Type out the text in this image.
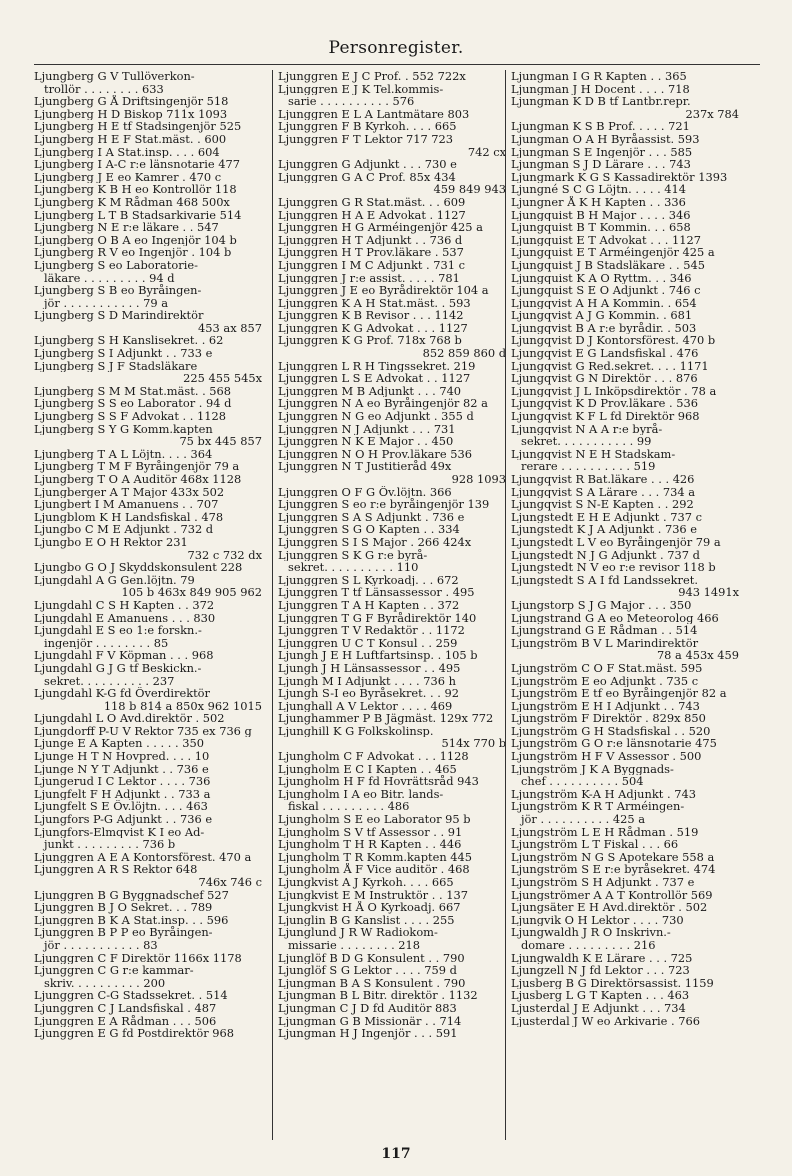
Personregister.
Ljungberg G V Tullöverkon-
trollör . . . . . . . . 633
Ljungberg G Å Driftsingenjör 518
Ljungberg H D Biskop 711x 1093
Ljungberg H E tf Stadsingenjör 525
Ljungberg H E F Stat.mäst. . 600
Ljungberg I A Stat.insp. . . . 604
Ljungberg I A-C r:e länsnotarie 477
Ljungberg J E eo Kamrer . 470 c
Ljungberg K B H eo Kontrollör 118
Ljungberg K M Rådman 468 500x
Ljungberg L T B Stadsarkivarie 514
Ljungberg N E r:e läkare . . 547
Ljungberg O B A eo Ingenjör 104 b
Ljungberg R V eo Ingenjör . 104 b
Ljungberg S eo Laboratorie-
läkare . . . . . . . . . 94 d
Ljungberg S B eo Byråingen-
jör . . . . . . . . . . . 79 a
Ljungberg S D Marindirektör
453 ax 857
Ljungberg S H Kanslisekret. . 62
Ljungberg S I Adjunkt . . 733 e
Ljungberg S J F Stadsläkare
225 455 545x
Ljungberg S M M Stat.mäst. . 568
Ljungberg S S eo Laborator . 94 d
Ljungberg S S F Advokat . . 1128
Ljungberg S Y G Komm.kapten
75 bx 445 857
Ljungberg T A L Löjtn. . . . 364
Ljungberg T M F Byråingenjör 79 a
Ljungberg T O A Auditör 468x 1128
Ljungberger A T Major 433x 502
Ljungbert I M Amanuens . . 707
Ljungblom K H Landsfiskal . 478
Ljungbo C M E Adjunkt . 732 d
Ljungbo E O H Rektor 231
732 c 732 dx
Ljungbo G O J Skyddskonsulent 228
Ljungdahl A G Gen.löjtn. 79
105 b 463x 849 905 962
Ljungdahl C S H Kapten . . 372
Ljungdahl E Amanuens . . . 830
Ljungdahl E S eo 1:e forskn.-
ingenjör . . . . . . . . 85
Ljungdahl F V Köpman . . . 968
Ljungdahl G J G tf Beskickn.-
sekret. . . . . . . . . . 237
Ljungdahl K-G fd Överdirektör
118 b 814 a 850x 962 1015
Ljungdahl L O Avd.direktör . 502
Ljungdorff P-U V Rektor 735 ex 736 g
Ljunge E A Kapten . . . . . 350
Ljunge H T N Hovpred. . . . 10
Ljunge N Y T Adjunkt . . 736 e
Ljungerud I C Lektor . . . . 736
Ljungfelt F H Adjunkt . . 733 a
Ljungfelt S E Öv.löjtn. . . . 463
Ljungfors P-G Adjunkt . . 736 e
Ljungfors-Elmqvist K I eo Ad-
junkt . . . . . . . . . 736 b
Ljunggren A E A Kontorsförest. 470 a
Ljunggren A R S Rektor 648
746x 746 c
Ljunggren B G Byggnadschef 527
Ljunggren B J O Sekret. . . 789
Ljunggren B K A Stat.insp. . . 596
Ljunggren B P P eo Byråingen-
jör . . . . . . . . . . . 83
Ljunggren C F Direktör 1166x 1178
Ljunggren C G r:e kammar-
skriv. . . . . . . . . . 200
Ljunggren C-G Stadssekret. . 514
Ljunggren C J Landsfiskal . 487
Ljunggren E A Rådman . . . 506
Ljunggren E G fd Postdirektör 968
Ljunggren E J C Prof. . 552 722x
Ljunggren E J K Tel.kommis-
sarie . . . . . . . . . . 576
Ljunggren E L A Lantmätare 803
Ljunggren F B Kyrkoh. . . . 665
Ljunggren F T Lektor 717 723
742 cx
Ljunggren G Adjunkt . . . 730 e
Ljunggren G A C Prof. 85x 434
459 849 943
Ljunggren G R Stat.mäst. . . 609
Ljunggren H A E Advokat . 1127
Ljunggren H G Arméingenjör 425 a
Ljunggren H T Adjunkt . . 736 d
Ljunggren H T Prov.läkare . 537
Ljunggren I M C Adjunkt . 731 c
Ljunggren J r:e assist. . . . . 781
Ljunggren J E eo Byrådirektör 104 a
Ljunggren K A H Stat.mäst. . 593
Ljunggren K B Revisor . . . 1142
Ljunggren K G Advokat . . . 1127
Ljunggren K G Prof. 718x 768 b
852 859 860 d
Ljunggren L R H Tingssekret. 219
Ljunggren L S E Advokat . . 1127
Ljunggren M B Adjunkt . . . 740
Ljunggren N A eo Byråingenjör 82 a
Ljunggren N G eo Adjunkt . 355 d
Ljunggren N J Adjunkt . . . 731
Ljunggren N K E Major . . 450
Ljunggren N O H Prov.läkare 536
Ljunggren N T Justitieråd 49x
928 1093
Ljunggren O F G Öv.löjtn. 366
Ljunggren S eo r:e byråingenjör 139
Ljunggren S A S Adjunkt . 736 e
Ljunggren S G O Kapten . . 334
Ljunggren S I S Major . 266 424x
Ljunggren S K G r:e byrå-
sekret. . . . . . . . . . 110
Ljunggren S L Kyrkoadj. . . 672
Ljunggren T tf Länsassessor . 495
Ljunggren T A H Kapten . . 372
Ljunggren T G F Byrådirektör 140
Ljunggren T V Redaktör . . 1172
Ljunggren U C T Konsul . . 259
Ljungh J E H Luftfartsinsp. . 105 b
Ljungh J H Länsassessor . . 495
Ljungh M I Adjunkt . . . . 736 h
Ljungh S-I eo Byråsekret. . . 92
Ljunghall A V Lektor . . . . 469
Ljunghammer P B Jägmäst. 129x 772
Ljunghill K G Folkskolinsp.
514x 770 b
Ljungholm C F Advokat . . . 1128
Ljungholm E C I Kapten . . 465
Ljungholm H F fd Hovrättsråd 943
Ljungholm I A eo Bitr. lands-
fiskal . . . . . . . . . 486
Ljungholm S E eo Laborator 95 b
Ljungholm S V tf Assessor . . 91
Ljungholm T H R Kapten . . 446
Ljungholm T R Komm.kapten 445
Ljungholm Å F Vice auditör . 468
Ljungkvist A J Kyrkoh. . . . 665
Ljungkvist E M Instruktör . . 137
Ljungkvist H Å O Kyrkoadj. 667
Ljunglin B G Kanslist . . . . 255
Ljunglund J R W Radiokom-
missarie . . . . . . . . 218
Ljunglöf B D G Konsulent . . 790
Ljunglöf S G Lektor . . . . 759 d
Ljungman B A S Konsulent . 790
Ljungman B L Bitr. direktör . 1132
Ljungman C J D fd Auditör 883
Ljungman G B Missionär . . 714
Ljungman H J Ingenjör . . . 591
Ljungman I G R Kapten . . 365
Ljungman J H Docent . . . . 718
Ljungman K D B tf Lantbr.repr.
237x 784
Ljungman K S B Prof. . . . . 721
Ljungman O A H Byråassist. 593
Ljungman S E Ingenjör . . . 585
Ljungman S J D Lärare . . . 743
Ljungmark K G S Kassadirektör 1393
Ljungné S C G Löjtn. . . . . 414
Ljungner Å K H Kapten . . 336
Ljungquist B H Major . . . . 346
Ljungquist B T Kommin. . . 658
Ljungquist E T Advokat . . . 1127
Ljungquist E T Arméingenjör 425 a
Ljungquist J B Stadsläkare . . 545
Ljungquist K A O Ryttm. . . 346
Ljungquist S E O Adjunkt . 746 c
Ljungqvist A H A Kommin. . 654
Ljungqvist A J G Kommin. . 681
Ljungqvist B A r:e byrådir. . 503
Ljungqvist D J Kontorsförest. 470 b
Ljungqvist E G Landsfiskal . 476
Ljungqvist G Red.sekret. . . . 1171
Ljungqvist G N Direktör . . . 876
Ljungqvist J L Inköpsdirektör . 78 a
Ljungqvist K D Prov.läkare . 536
Ljungqvist K F L fd Direktör 968
Ljungqvist N A A r:e byrå-
sekret. . . . . . . . . . . 99
Ljungqvist N E H Stadskam-
rerare . . . . . . . . . . 519
Ljungqvist R Bat.läkare . . . 426
Ljungqvist S A Lärare . . . 734 a
Ljungqvist S N-E Kapten . . 292
Ljungstedt E H E Adjunkt . 737 c
Ljungstedt K J A Adjunkt . 736 e
Ljungstedt L V eo Byråingenjör 79 a
Ljungstedt N J G Adjunkt . 737 d
Ljungstedt N V eo r:e revisor 118 b
Ljungstedt S A I fd Landssekret.
943 1491x
Ljungstorp S J G Major . . . 350
Ljungstrand G A eo Meteorolog 466
Ljungstrand G E Rådman . . 514
Ljungström B V L Marindirektör
78 a 453x 459
Ljungström C O F Stat.mäst. 595
Ljungström E eo Adjunkt . 735 c
Ljungström E tf eo Byråingenjör 82 a
Ljungström E H I Adjunkt . . 743
Ljungström F Direktör . 829x 850
Ljungström G H Stadsfiskal . . 520
Ljungström G O r:e länsnotarie 475
Ljungström H F V Assessor . 500
Ljungström J K A Byggnads-
chef . . . . . . . . . . 504
Ljungström K-A H Adjunkt . 743
Ljungström K R T Arméingen-
jör . . . . . . . . . . 425 a
Ljungström L E H Rådman . 519
Ljungström L T Fiskal . . . 66
Ljungström N G S Apotekare 558 a
Ljungström S E r:e byråsekret. 474
Ljungström S H Adjunkt . 737 e
Ljungströmer A A T Kontrollör 569
Ljungsäter E H Avd.direktör . 502
Ljungvik O H Lektor . . . . 730
Ljungwaldh J R O Inskrivn.-
domare . . . . . . . . . 216
Ljungwaldh K E Lärare . . . 725
Ljungzell N J fd Lektor . . . 723
Ljusberg B G Direktörsassist. 1159
Ljusberg L G T Kapten . . . 463
Ljusterdal J E Adjunkt . . . 734
Ljusterdal J W eo Arkivarie . 766
117
